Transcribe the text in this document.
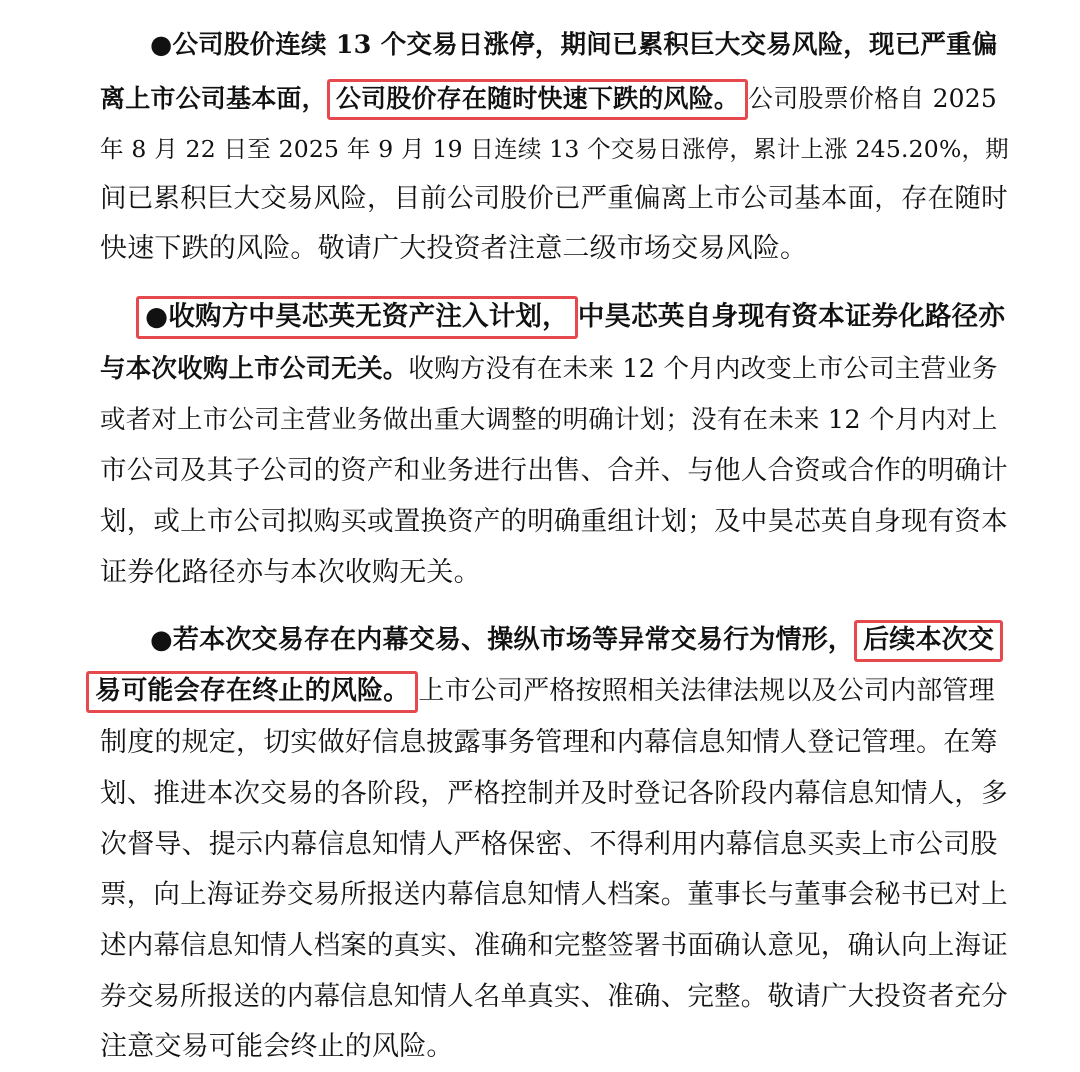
●公司股价连续 13 个交易日涨停，期间已累积巨大交易风险，现已严重偏
离上市公司基本面， 公司股价存在随时快速下跌的风险。 公司股票价格自 2025
年 8 月 22 日至 2025 年 9 月 19 日连续 13 个交易日涨停，累计上涨 245.20%，期
间已累积巨大交易风险，目前公司股价已严重偏离上市公司基本面，存在随时
快速下跌的风险。敬请广大投资者注意二级市场交易风险。
●收购方中昊芯英无资产注入计划， 中昊芯英自身现有资本证券化路径亦
与本次收购上市公司无关。收购方没有在未来 12 个月内改变上市公司主营业务
或者对上市公司主营业务做出重大调整的明确计划；没有在未来 12 个月内对上
市公司及其子公司的资产和业务进行出售、合并、与他人合资或合作的明确计
划，或上市公司拟购买或置换资产的明确重组计划；及中昊芯英自身现有资本
证券化路径亦与本次收购无关。
●若本次交易存在内幕交易、操纵市场等异常交易行为情形， 后续本次交
易可能会存在终止的风险。 上市公司严格按照相关法律法规以及公司内部管理
制度的规定，切实做好信息披露事务管理和内幕信息知情人登记管理。在筹
划、推进本次交易的各阶段，严格控制并及时登记各阶段内幕信息知情人，多
次督导、提示内幕信息知情人严格保密、不得利用内幕信息买卖上市公司股
票，向上海证券交易所报送内幕信息知情人档案。董事长与董事会秘书已对上
述内幕信息知情人档案的真实、准确和完整签署书面确认意见，确认向上海证
券交易所报送的内幕信息知情人名单真实、准确、完整。敬请广大投资者充分
注意交易可能会终止的风险。
